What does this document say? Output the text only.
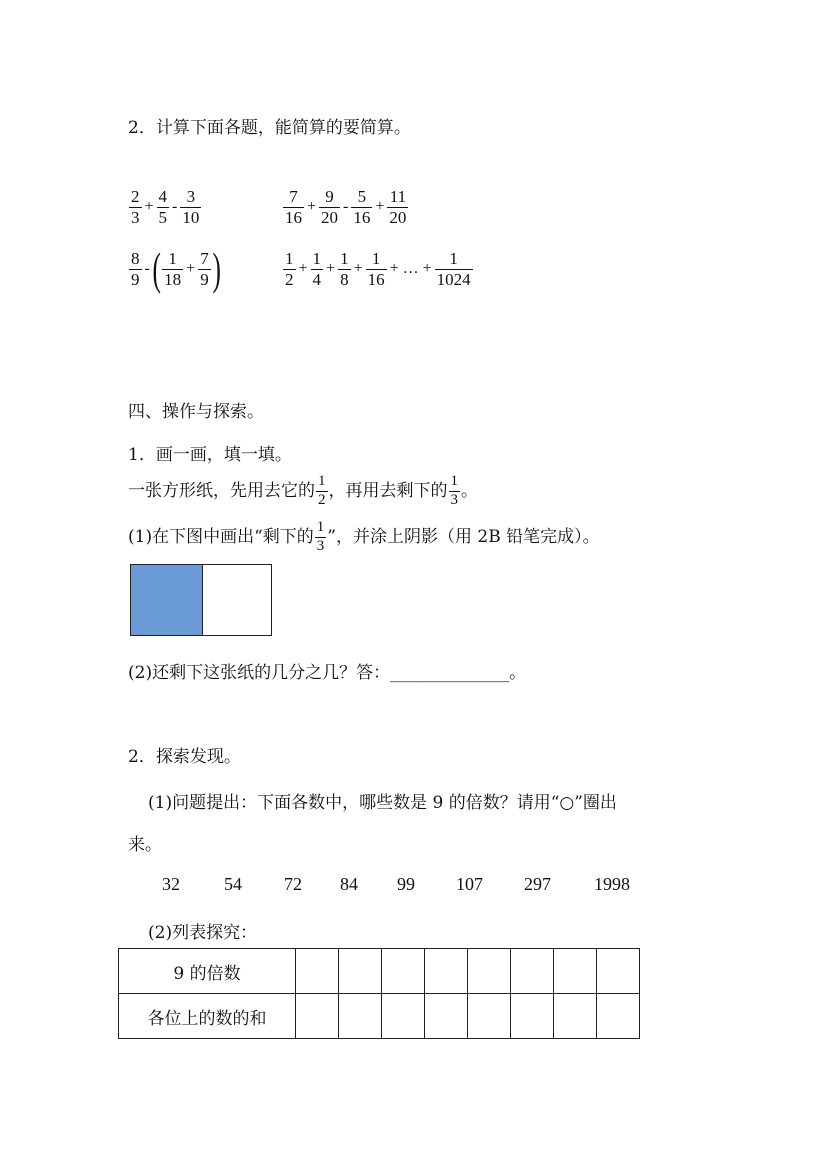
2．计算下面各题，能简算的要简算。
$\frac{2}{3} + \frac{4}{5} - \frac{3}{10}$	$\frac{7}{16} + \frac{9}{20} - \frac{5}{16} + \frac{11}{20}$
$\frac{8}{9}$ -( $\frac{1}{18} + \frac{7}{9}$ )	$\frac{1}{2} + \frac{1}{4} + \frac{1}{8} + \frac{1}{16}$ + … + $\frac{1}{1024}$
四、操作与探索。
1．画一画，填一填。
一张方形纸，先用去它的 $\frac{1}{2}$ ，再用去剩下的 $\frac{1}{3}$ 。
(1)在下图中画出“剩下的 $\frac{1}{3}$ ”，并涂上阴影（用 2B 铅笔完成）。
(2)还剩下这张纸的几分之几？答：______________。
2．探索发现。
(1)问题提出：下面各数中，哪些数是 9 的倍数？请用“○”圈出
来。
32 54 72 84 99 107 297 1998
(2)列表探究：
9 的倍数								
各位上的数的和								
